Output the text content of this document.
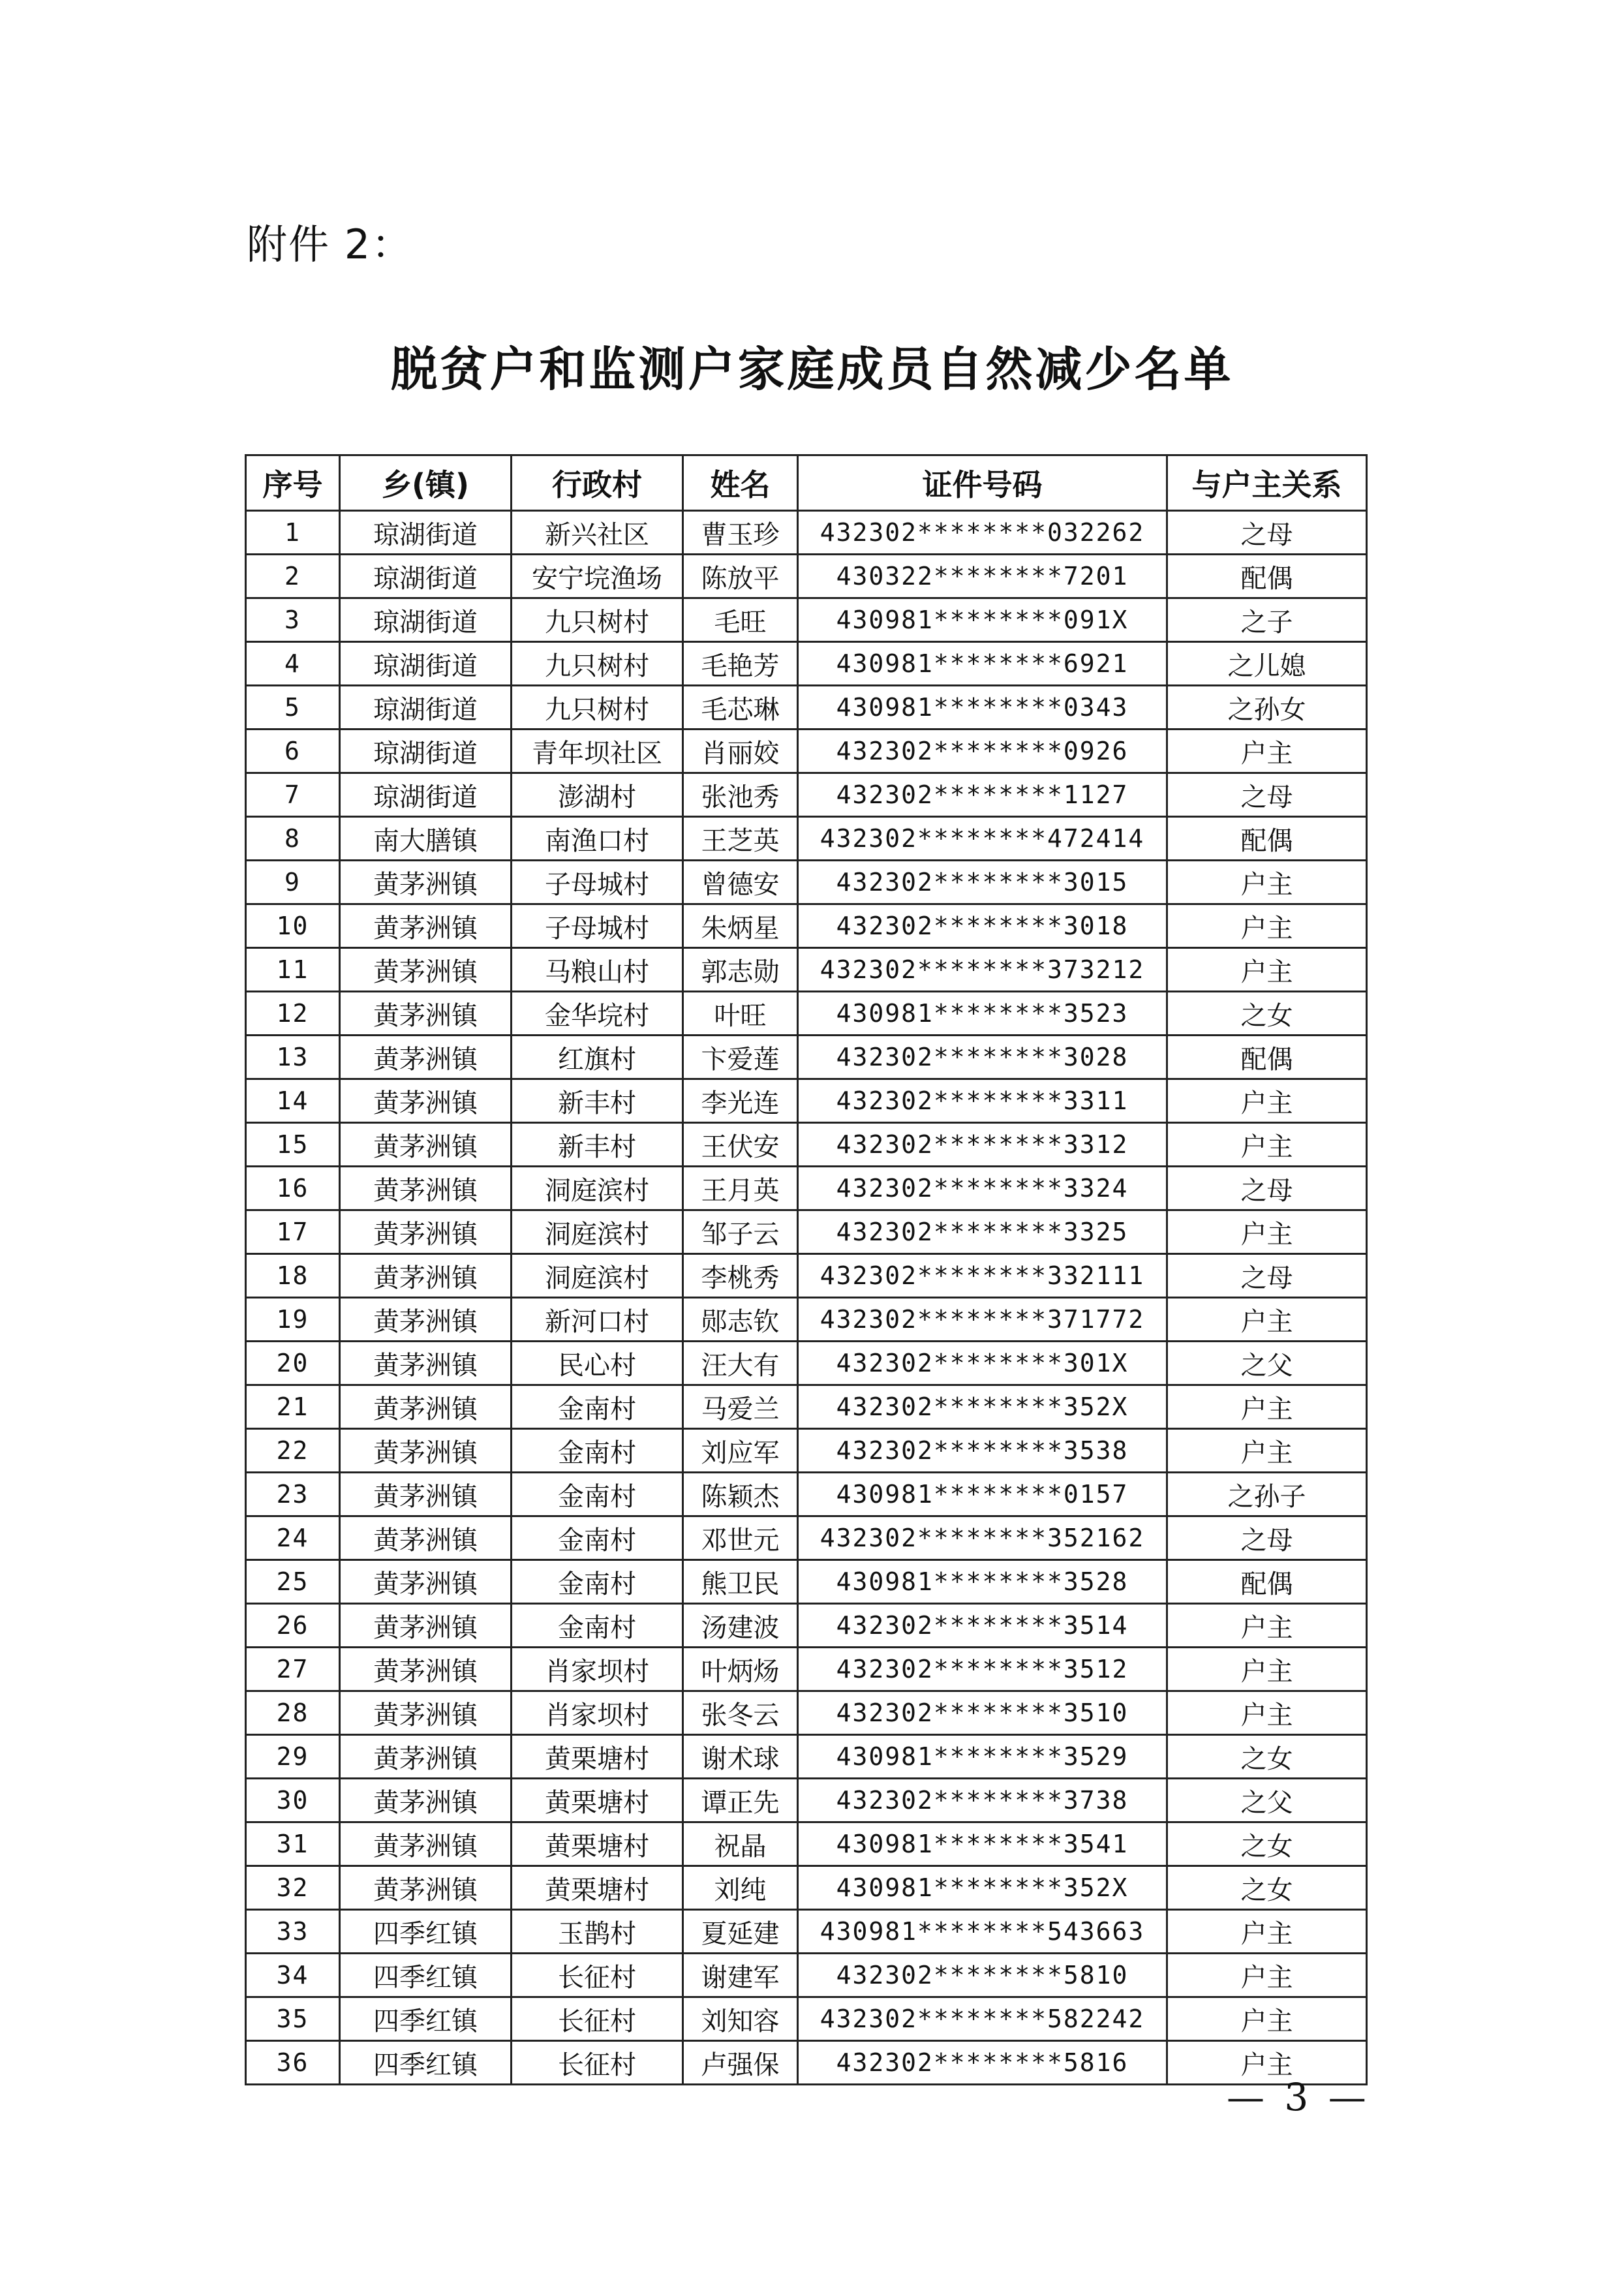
附件 2：
脱贫户和监测户家庭成员自然减少名单
序号	乡(镇)	行政村	姓名	证件号码	与户主关系
1	琼湖街道	新兴社区	曹玉珍	432302********032262	之母
2	琼湖街道	安宁垸渔场	陈放平	430322********7201	配偶
3	琼湖街道	九只树村	毛旺	430981********091X	之子
4	琼湖街道	九只树村	毛艳芳	430981********6921	之儿媳
5	琼湖街道	九只树村	毛芯琳	430981********0343	之孙女
6	琼湖街道	青年坝社区	肖丽姣	432302********0926	户主
7	琼湖街道	澎湖村	张池秀	432302********1127	之母
8	南大膳镇	南渔口村	王芝英	432302********472414	配偶
9	黄茅洲镇	子母城村	曾德安	432302********3015	户主
10	黄茅洲镇	子母城村	朱炳星	432302********3018	户主
11	黄茅洲镇	马粮山村	郭志勋	432302********373212	户主
12	黄茅洲镇	金华垸村	叶旺	430981********3523	之女
13	黄茅洲镇	红旗村	卞爱莲	432302********3028	配偶
14	黄茅洲镇	新丰村	李光连	432302********3311	户主
15	黄茅洲镇	新丰村	王伏安	432302********3312	户主
16	黄茅洲镇	洞庭滨村	王月英	432302********3324	之母
17	黄茅洲镇	洞庭滨村	邹子云	432302********3325	户主
18	黄茅洲镇	洞庭滨村	李桃秀	432302********332111	之母
19	黄茅洲镇	新河口村	郧志钦	432302********371772	户主
20	黄茅洲镇	民心村	汪大有	432302********301X	之父
21	黄茅洲镇	金南村	马爱兰	432302********352X	户主
22	黄茅洲镇	金南村	刘应军	432302********3538	户主
23	黄茅洲镇	金南村	陈颖杰	430981********0157	之孙子
24	黄茅洲镇	金南村	邓世元	432302********352162	之母
25	黄茅洲镇	金南村	熊卫民	430981********3528	配偶
26	黄茅洲镇	金南村	汤建波	432302********3514	户主
27	黄茅洲镇	肖家坝村	叶炳炀	432302********3512	户主
28	黄茅洲镇	肖家坝村	张冬云	432302********3510	户主
29	黄茅洲镇	黄栗塘村	谢术球	430981********3529	之女
30	黄茅洲镇	黄栗塘村	谭正先	432302********3738	之父
31	黄茅洲镇	黄栗塘村	祝晶	430981********3541	之女
32	黄茅洲镇	黄栗塘村	刘纯	430981********352X	之女
33	四季红镇	玉鹊村	夏延建	430981********543663	户主
34	四季红镇	长征村	谢建军	432302********5810	户主
35	四季红镇	长征村	刘知容	432302********582242	户主
36	四季红镇	长征村	卢强保	432302********5816	户主
— 3 —
